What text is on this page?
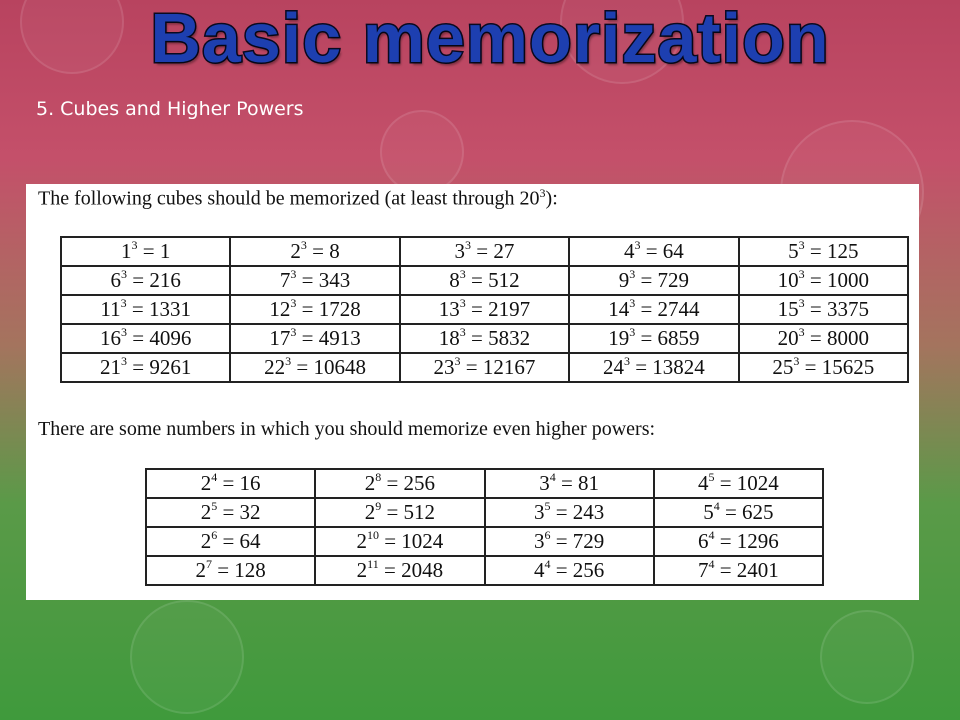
Basic memorization
5. Cubes and Higher Powers
The following cubes should be memorized (at least through $20^3$):
$1^3 = 1$	$2^3 = 8$	$3^3 = 27$	$4^3 = 64$	$5^3 = 125$
$6^3 = 216$	$7^3 = 343$	$8^3 = 512$	$9^3 = 729$	$10^3 = 1000$
$11^3 = 1331$	$12^3 = 1728$	$13^3 = 2197$	$14^3 = 2744$	$15^3 = 3375$
$16^3 = 4096$	$17^3 = 4913$	$18^3 = 5832$	$19^3 = 6859$	$20^3 = 8000$
$21^3 = 9261$	$22^3 = 10648$	$23^3 = 12167$	$24^3 = 13824$	$25^3 = 15625$
There are some numbers in which you should memorize even higher powers:
$2^4 = 16$	$2^8 = 256$	$3^4 = 81$	$4^5 = 1024$
$2^5 = 32$	$2^9 = 512$	$3^5 = 243$	$5^4 = 625$
$2^6 = 64$	$2^{10} = 1024$	$3^6 = 729$	$6^4 = 1296$
$2^7 = 128$	$2^{11} = 2048$	$4^4 = 256$	$7^4 = 2401$
